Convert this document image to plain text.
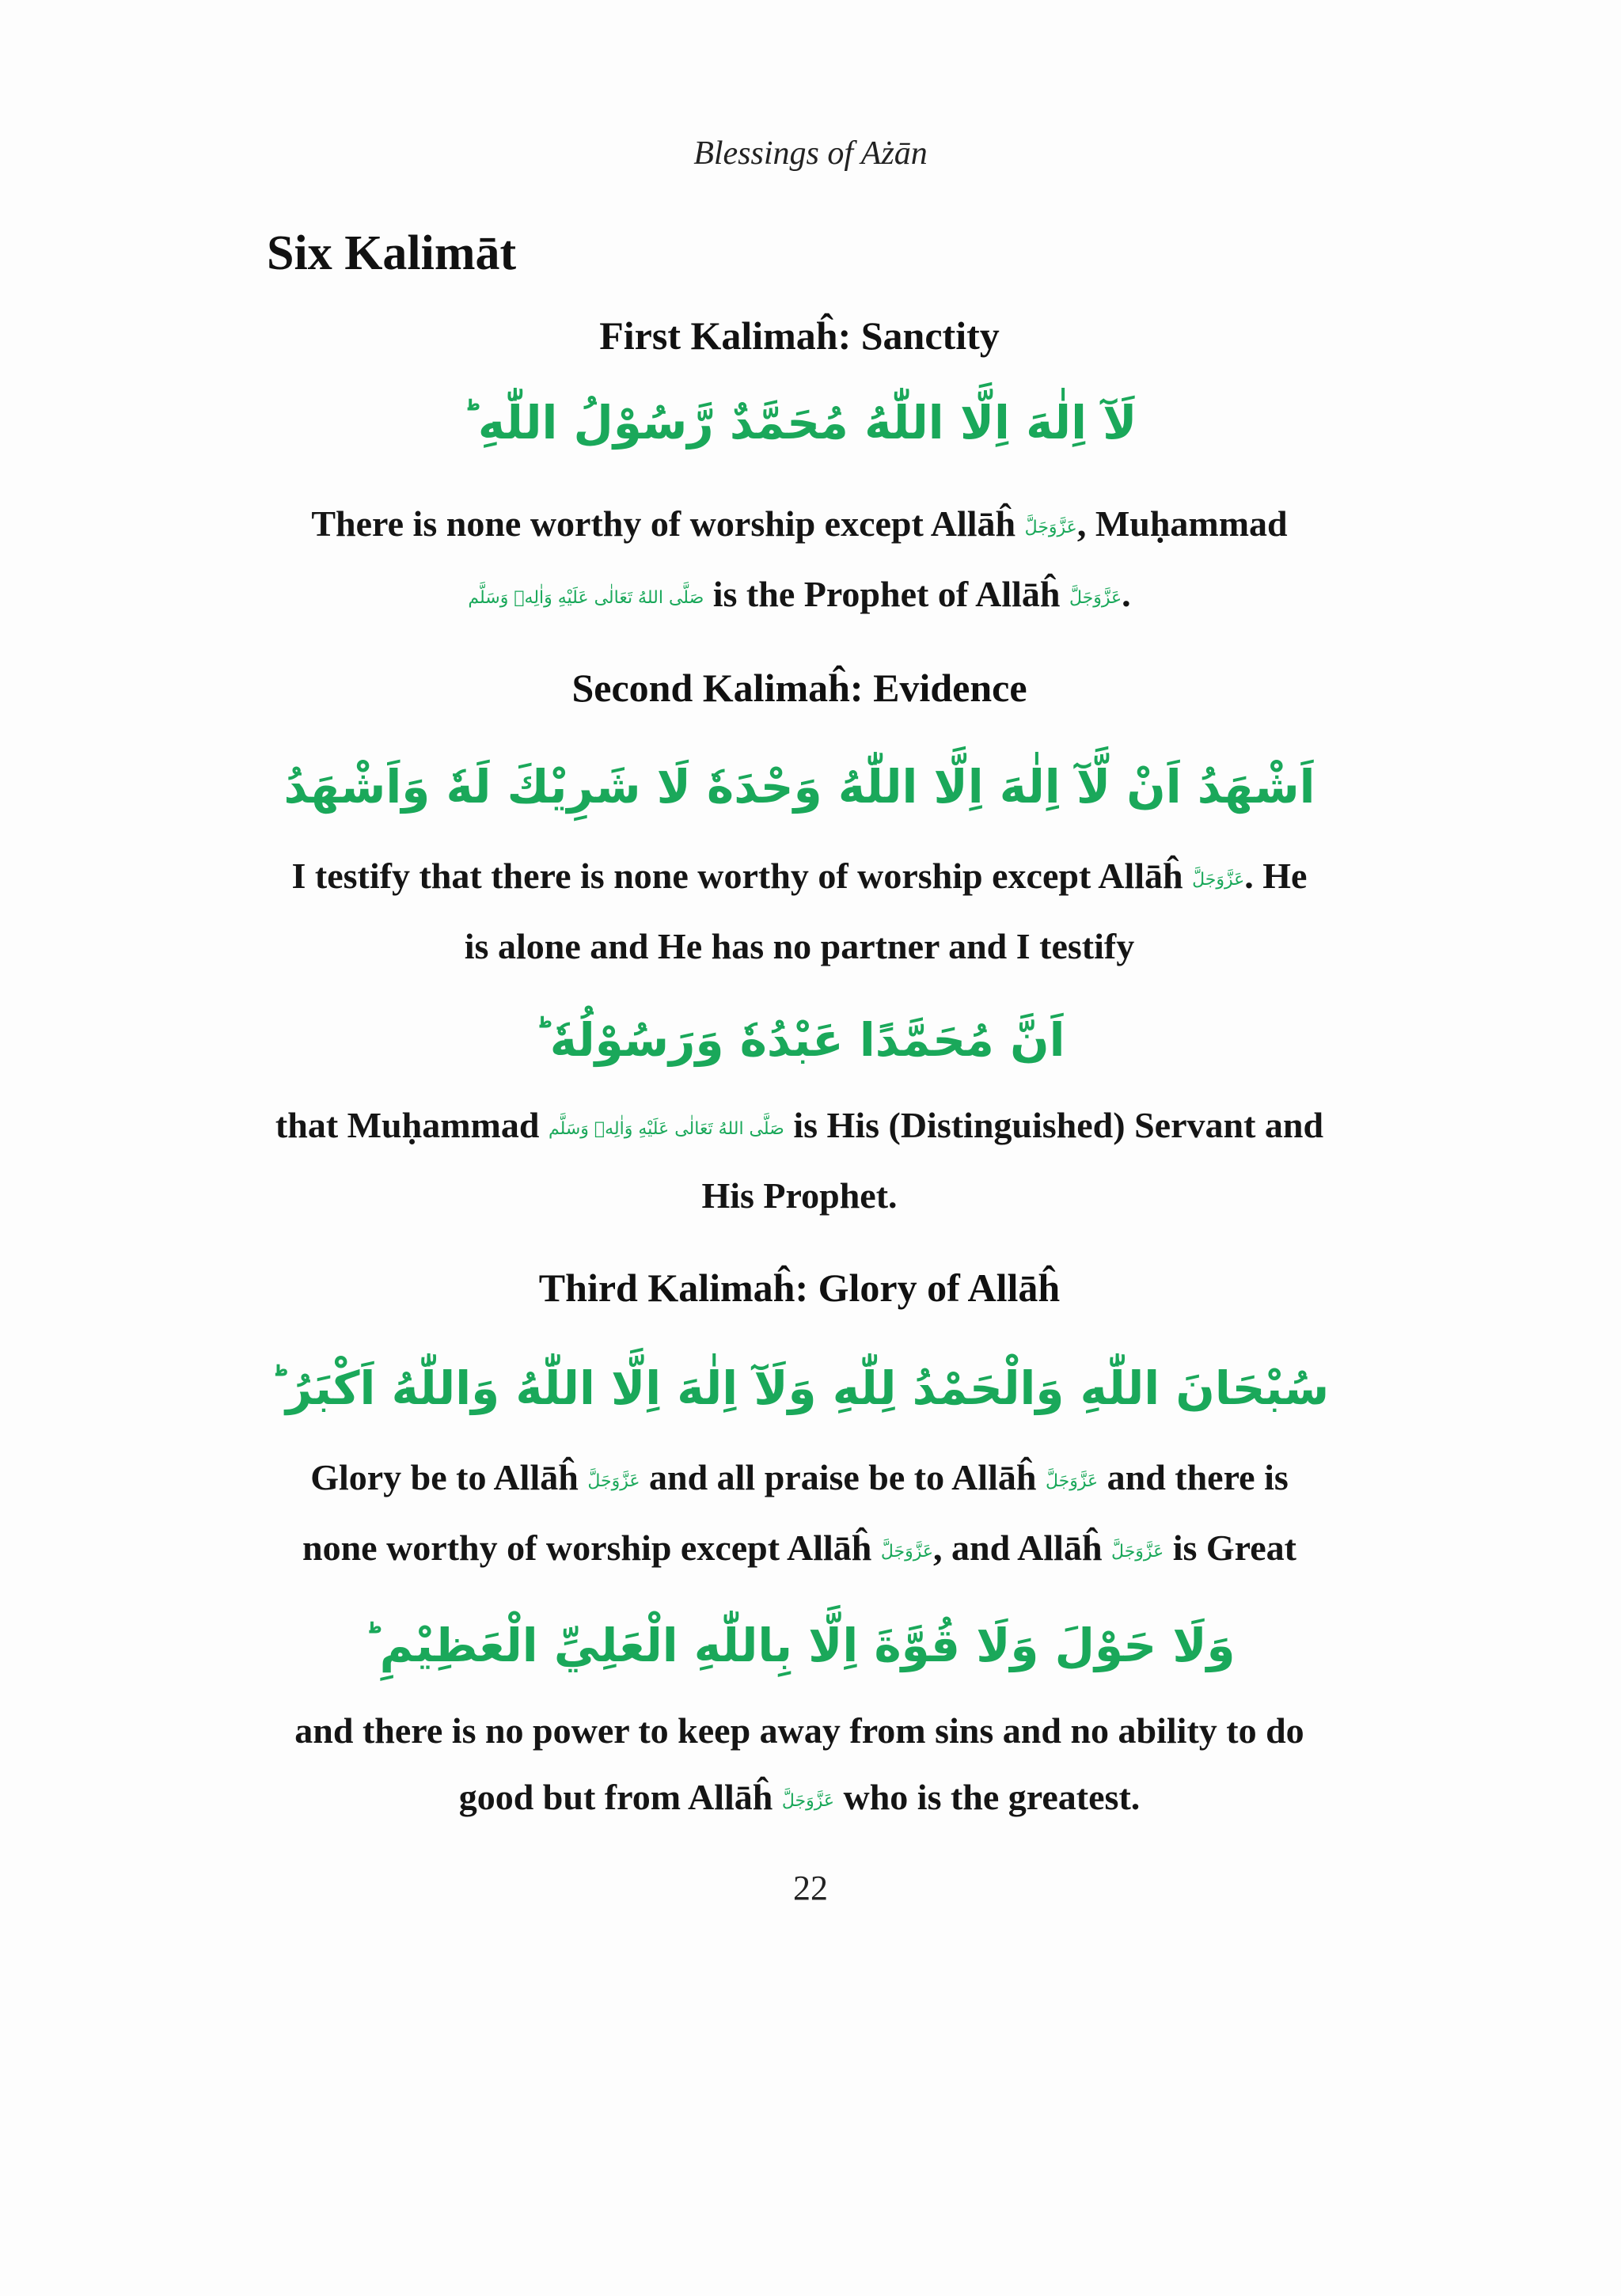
Blessings of Ażān
Six Kalimāt
First Kalimaĥ: Sanctity
لَآ اِلٰهَ اِلَّا اللّٰهُ مُحَمَّدٌ رَّسُوْلُ اللّٰهِ ؕ
There is none worthy of worship except Allāĥ عَزَّوَجَلَّ, Muḥammad
صَلَّى اللهُ تَعَالٰى عَلَيْهِ وَاٰلِهٖ وَسَلَّم is the Prophet of Allāĥ عَزَّوَجَلَّ.
Second Kalimaĥ: Evidence
اَشْهَدُ اَنْ لَّآ اِلٰهَ اِلَّا اللّٰهُ وَحْدَهٗ لَا شَرِيْكَ لَهٗ وَاَشْهَدُ
I testify that there is none worthy of worship except Allāĥ عَزَّوَجَلَّ. He
is alone and He has no partner and I testify
اَنَّ مُحَمَّدًا عَبْدُهٗ وَرَسُوْلُهٗ ؕ
that Muḥammad صَلَّى اللهُ تَعَالٰى عَلَيْهِ وَاٰلِهٖ وَسَلَّم is His (Distinguished) Servant and
His Prophet.
Third Kalimaĥ: Glory of Allāĥ
سُبْحَانَ اللّٰهِ وَالْحَمْدُ لِلّٰهِ وَلَآ اِلٰهَ اِلَّا اللّٰهُ وَاللّٰهُ اَكْبَرُ ؕ
Glory be to Allāĥ عَزَّوَجَلَّ and all praise be to Allāĥ عَزَّوَجَلَّ and there is
none worthy of worship except Allāĥ عَزَّوَجَلَّ, and Allāĥ عَزَّوَجَلَّ is Great
وَلَا حَوْلَ وَلَا قُوَّةَ اِلَّا بِاللّٰهِ الْعَلِيِّ الْعَظِيْمِ ؕ
and there is no power to keep away from sins and no ability to do
good but from Allāĥ عَزَّوَجَلَّ who is the greatest.
22
